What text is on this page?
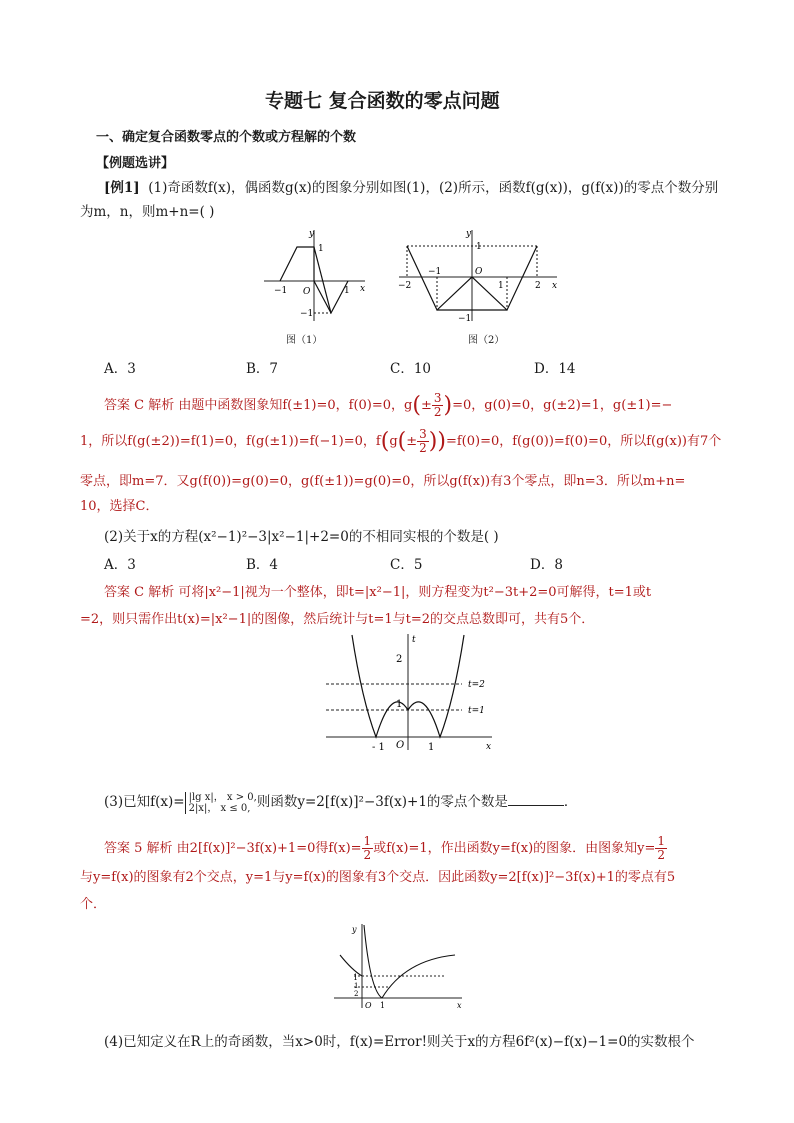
专题七 复合函数的零点问题
一、确定复合函数零点的个数或方程解的个数
【例题选讲】
[例1] (1)奇函数f(x)，偶函数g(x)的图象分别如图(1)，(2)所示，函数f(g(x))，g(f(x))的零点个数分别
为m，n，则m+n=( )
y
x
1
O
−1	1
−1
图（1）
y
x
1
O
−1
1	2
−2
−1
图（2）
A．3	B．7	C．10	D．14
答案 C 解析 由题中函数图象知f(±1)=0，f(0)=0，$g(\pm \frac{3}{2} )=0$，g(0)=0，g(±2)=1，g(±1)=−
1，所以f(g(±2))=f(1)=0，f(g(±1))=f(−1)=0，$f(g(\pm \frac{3}{2} ))=f(0)=0$，f(g(0))=f(0)=0，所以f(g(x))有7个
零点，即m=7．又g(f(0))=g(0)=0，g(f(±1))=g(0)=0，所以g(f(x))有3个零点，即n=3．所以m+n=
10，选择C．
(2)关于x的方程(x²−1)²−3|x²−1|+2=0的不相同实根的个数是( )
A．3	B．4	C．5	D．8
答案 C 解析 可将|x²−1|视为一个整体，即t=|x²−1|，则方程变为t²−3t+2=0可解得，t=1或t
=2，则只需作出t(x)=|x²−1|的图像，然后统计与t=1与t=2的交点总数即可，共有5个．
t
x
2
1
O
- 1	1
t=2
t=1
(3)已知f(x)= |lg x|， x > 0,
2|x|， x ≤ 0, 则函数y=2[f(x)]²−3f(x)+1的零点个数是	．
答案 5 解析 由2[f(x)]²−3f(x)+1=0得$f(x)= \frac{1}{2}$ 或f(x)=1，作出函数y=f(x)的图象．由图象知$y= \frac{1}{2}$
与y=f(x)的图象有2个交点，y=1与y=f(x)的图象有3个交点．因此函数y=2[f(x)]²−3f(x)+1的零点有5
个．
y
x
1
1
2
O 1
(4)已知定义在R上的奇函数，当x>0时，f(x)=Error!则关于x的方程6f²(x)−f(x)−1=0的实数根个
